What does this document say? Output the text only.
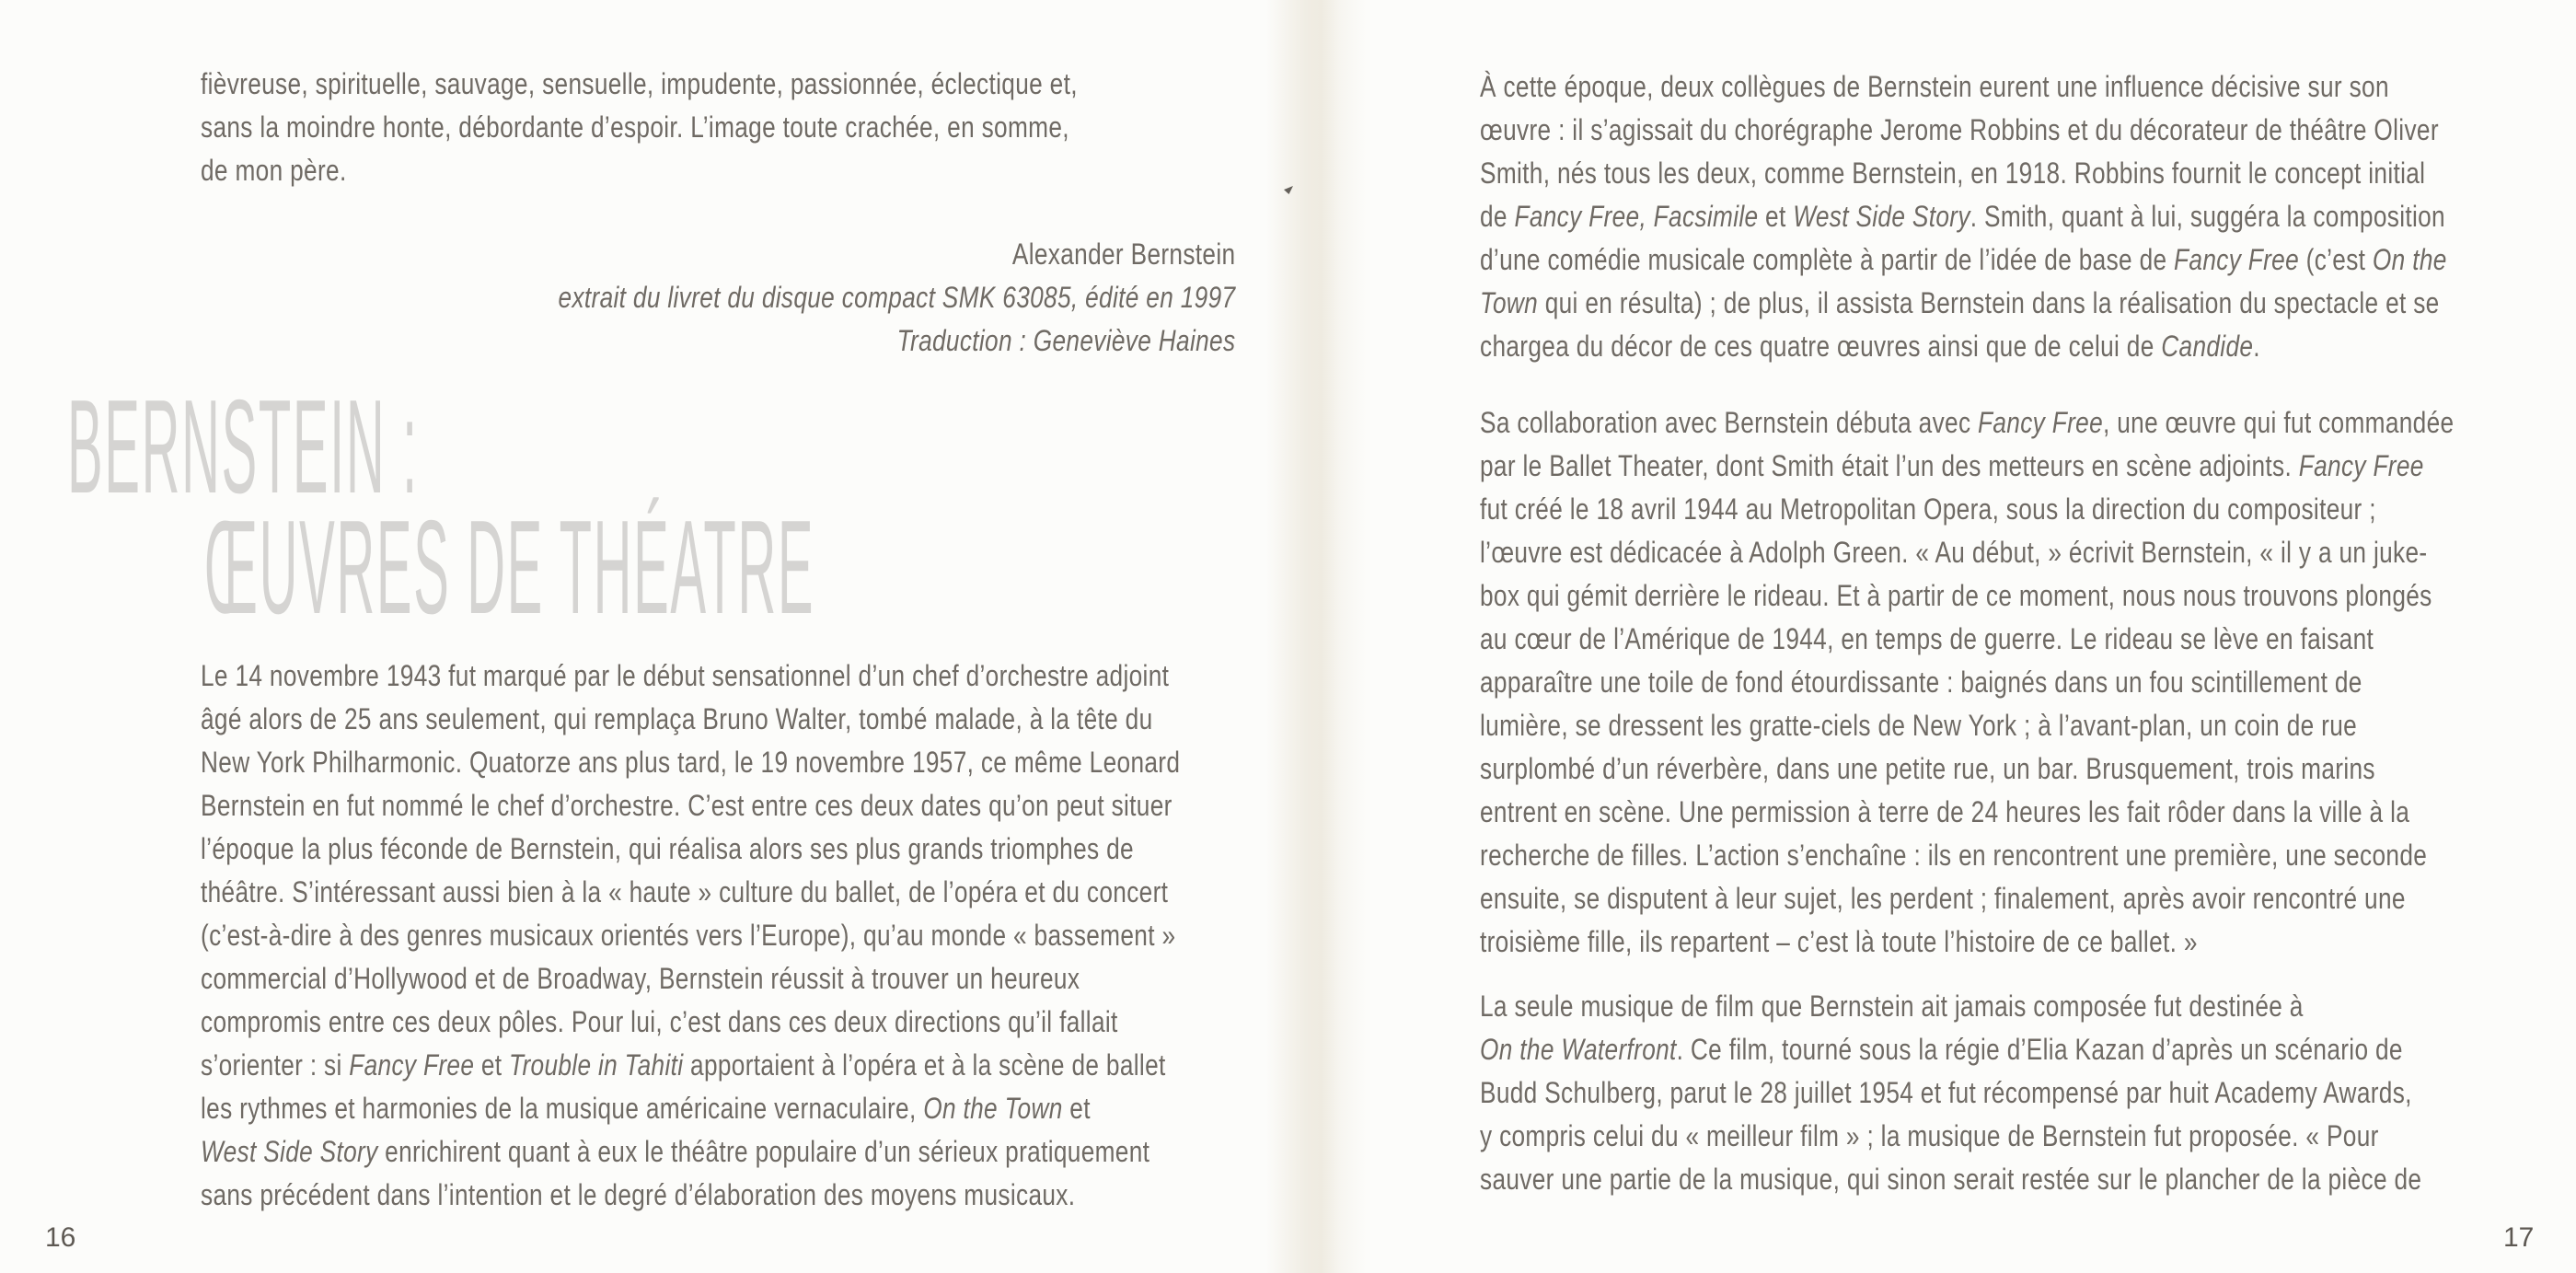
fièvreuse, spirituelle, sauvage, sensuelle, impudente, passionnée, éclectique et,
sans la moindre honte, débordante d’espoir. L’image toute crachée, en somme,
de mon père.
Alexander Bernstein
extrait du livret du disque compact SMK 63085, édité en 1997
Traduction : Geneviève Haines
BERNSTEIN :
ŒUVRES DE THÉATRE
Le 14 novembre 1943 fut marqué par le début sensationnel d’un chef d’orchestre adjoint
âgé alors de 25 ans seulement, qui remplaça Bruno Walter, tombé malade, à la tête du
New York Philharmonic. Quatorze ans plus tard, le 19 novembre 1957, ce même Leonard
Bernstein en fut nommé le chef d’orchestre. C’est entre ces deux dates qu’on peut situer
l’époque la plus féconde de Bernstein, qui réalisa alors ses plus grands triomphes de
théâtre. S’intéressant aussi bien à la « haute » culture du ballet, de l’opéra et du concert
(c’est-à-dire à des genres musicaux orientés vers l’Europe), qu’au monde « bassement »
commercial d’Hollywood et de Broadway, Bernstein réussit à trouver un heureux
compromis entre ces deux pôles. Pour lui, c’est dans ces deux directions qu’il fallait
s’orienter : si Fancy Free et Trouble in Tahiti apportaient à l’opéra et à la scène de ballet
les rythmes et harmonies de la musique américaine vernaculaire, On the Town et
West Side Story enrichirent quant à eux le théâtre populaire d’un sérieux pratiquement
sans précédent dans l’intention et le degré d’élaboration des moyens musicaux.
16
À cette époque, deux collègues de Bernstein eurent une influence décisive sur son
œuvre : il s’agissait du chorégraphe Jerome Robbins et du décorateur de théâtre Oliver
Smith, nés tous les deux, comme Bernstein, en 1918. Robbins fournit le concept initial
de Fancy Free, Facsimile et West Side Story. Smith, quant à lui, suggéra la composition
d’une comédie musicale complète à partir de l’idée de base de Fancy Free (c’est On the
Town qui en résulta) ; de plus, il assista Bernstein dans la réalisation du spectacle et se
chargea du décor de ces quatre œuvres ainsi que de celui de Candide.
Sa collaboration avec Bernstein débuta avec Fancy Free, une œuvre qui fut commandée
par le Ballet Theater, dont Smith était l’un des metteurs en scène adjoints. Fancy Free
fut créé le 18 avril 1944 au Metropolitan Opera, sous la direction du compositeur ;
l’œuvre est dédicacée à Adolph Green. « Au début, » écrivit Bernstein, « il y a un juke-
box qui gémit derrière le rideau. Et à partir de ce moment, nous nous trouvons plongés
au cœur de l’Amérique de 1944, en temps de guerre. Le rideau se lève en faisant
apparaître une toile de fond étourdissante : baignés dans un fou scintillement de
lumière, se dressent les gratte-ciels de New York ; à l’avant-plan, un coin de rue
surplombé d’un réverbère, dans une petite rue, un bar. Brusquement, trois marins
entrent en scène. Une permission à terre de 24 heures les fait rôder dans la ville à la
recherche de filles. L’action s’enchaîne : ils en rencontrent une première, une seconde
ensuite, se disputent à leur sujet, les perdent ; finalement, après avoir rencontré une
troisième fille, ils repartent – c’est là toute l’histoire de ce ballet. »
La seule musique de film que Bernstein ait jamais composée fut destinée à
On the Waterfront. Ce film, tourné sous la régie d’Elia Kazan d’après un scénario de
Budd Schulberg, parut le 28 juillet 1954 et fut récompensé par huit Academy Awards,
y compris celui du « meilleur film » ; la musique de Bernstein fut proposée. « Pour
sauver une partie de la musique, qui sinon serait restée sur le plancher de la pièce de
17
